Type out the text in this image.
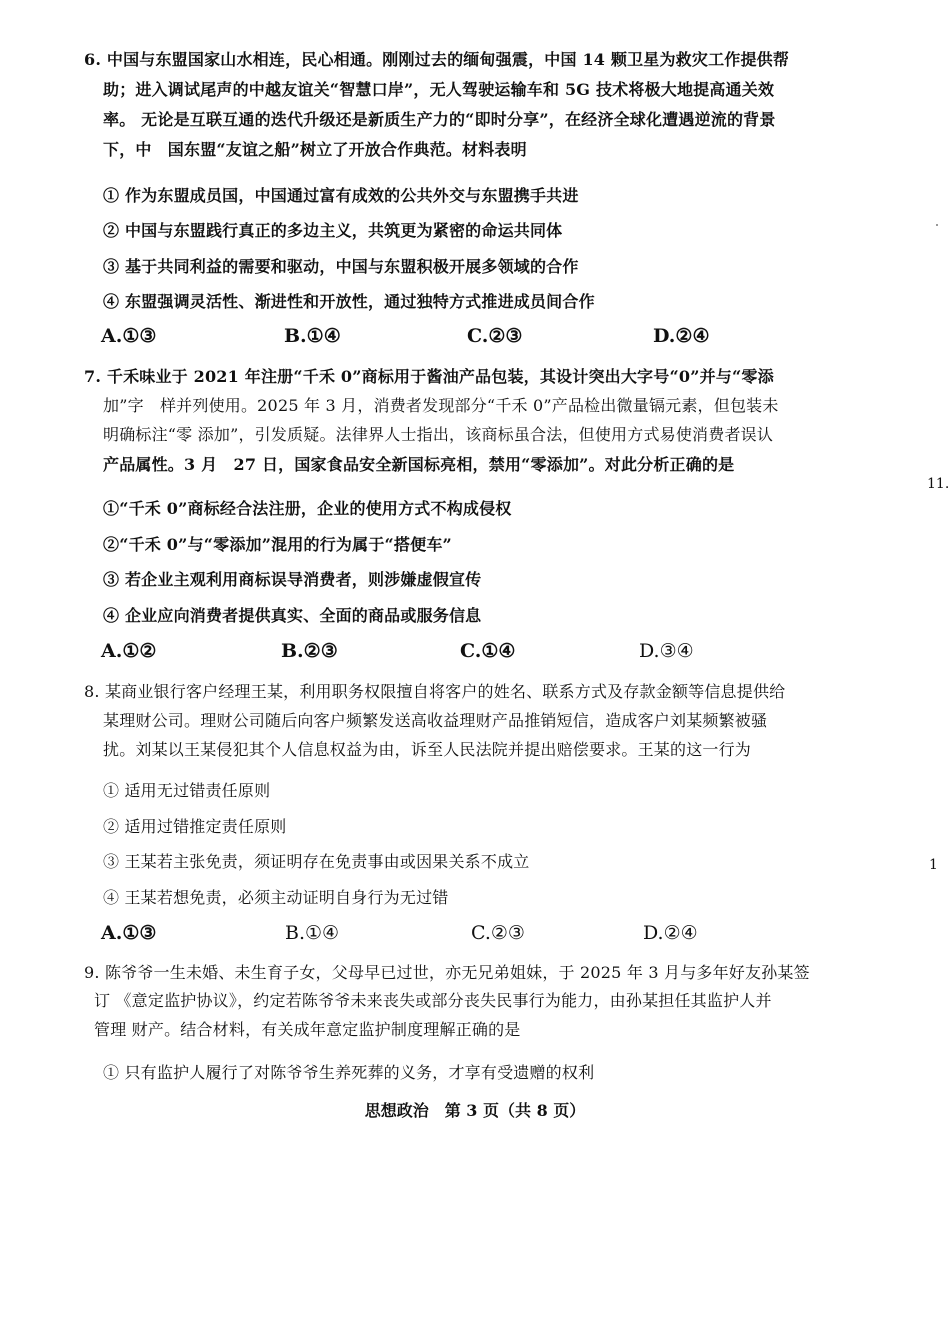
6. 中国与东盟国家山水相连，民心相通。刚刚过去的缅甸强震，中国 14 颗卫星为救灾工作提供帮
助；进入调试尾声的中越友谊关“智慧口岸”，无人驾驶运输车和 5G 技术将极大地提高通关效
率。 无论是互联互通的迭代升级还是新质生产力的“即时分享”，在经济全球化遭遇逆流的背景
下，中　国东盟“友谊之船”树立了开放合作典范。材料表明
① 作为东盟成员国，中国通过富有成效的公共外交与东盟携手共进
② 中国与东盟践行真正的多边主义，共筑更为紧密的命运共同体
③ 基于共同利益的需要和驱动，中国与东盟积极开展多领域的合作
④ 东盟强调灵活性、渐进性和开放性，通过独特方式推进成员间合作
A.①③	B.①④	C.②③	D.②④
7. 千禾味业于 2021 年注册“千禾 0”商标用于酱油产品包装，其设计突出大字号“0”并与“零添
加”字　样并列使用。2025 年 3 月，消费者发现部分“千禾 0”产品检出微量镉元素，但包装未
明确标注“零 添加”，引发质疑。法律界人士指出，该商标虽合法，但使用方式易使消费者误认
产品属性。3 月　27 日，国家食品安全新国标亮相，禁用“零添加”。对此分析正确的是
①“千禾 0”商标经合法注册，企业的使用方式不构成侵权
②“千禾 0”与“零添加”混用的行为属于“搭便车”
③ 若企业主观利用商标误导消费者，则涉嫌虚假宣传
④ 企业应向消费者提供真实、全面的商品或服务信息
A.①②	B.②③	C.①④	D.③④
8. 某商业银行客户经理王某，利用职务权限擅自将客户的姓名、联系方式及存款金额等信息提供给
某理财公司。理财公司随后向客户频繁发送高收益理财产品推销短信，造成客户刘某频繁被骚
扰。刘某以王某侵犯其个人信息权益为由，诉至人民法院并提出赔偿要求。王某的这一行为
① 适用无过错责任原则
② 适用过错推定责任原则
③ 王某若主张免责，须证明存在免责事由或因果关系不成立
④ 王某若想免责，必须主动证明自身行为无过错
A.①③	B.①④	C.②③	D.②④
9. 陈爷爷一生未婚、未生育子女，父母早已过世，亦无兄弟姐妹，于 2025 年 3 月与多年好友孙某签
订 《意定监护协议》，约定若陈爷爷未来丧失或部分丧失民事行为能力，由孙某担任其监护人并
管理 财产。结合材料，有关成年意定监护制度理解正确的是
① 只有监护人履行了对陈爷爷生养死葬的义务，才享有受遗赠的权利
11.
1
思想政治　第 3 页（共 8 页）
